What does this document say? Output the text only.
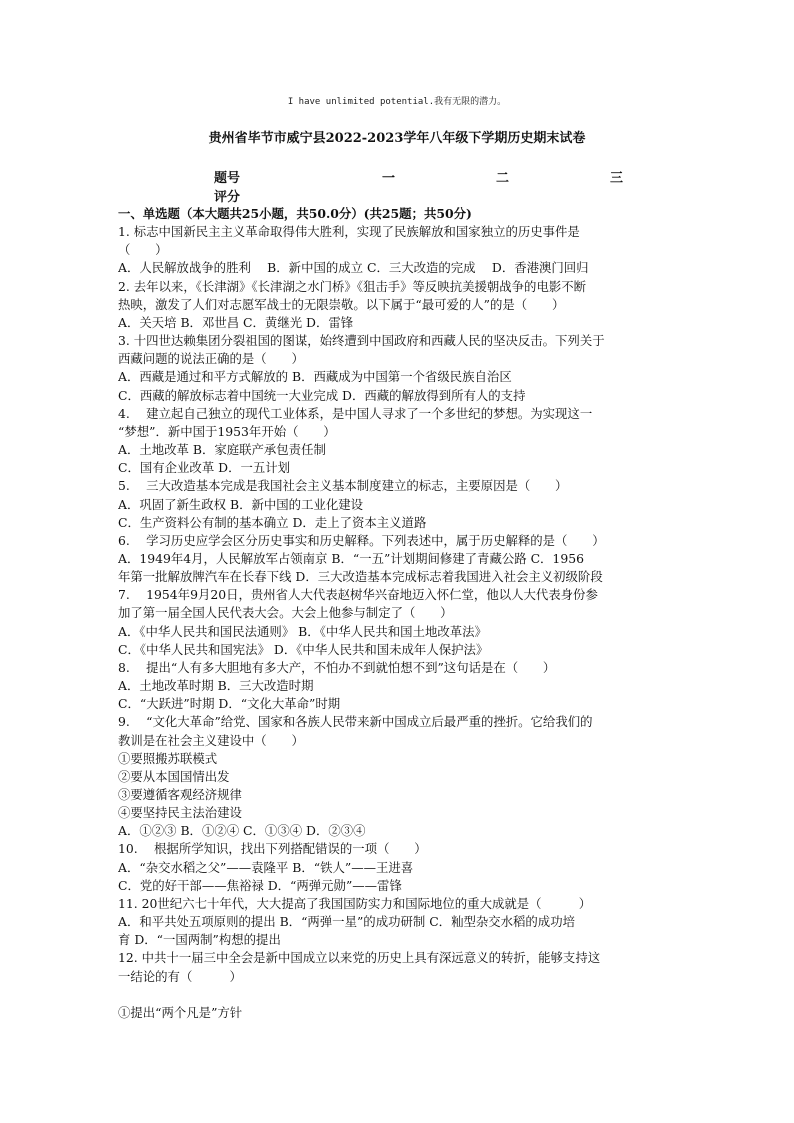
I have unlimited potential.我有无限的潜力。
贵州省毕节市威宁县2022-2023学年八年级下学期历史期末试卷
题号	一	二	三
评分

一、单选题（本大题共25小题，共50.0分）(共25题；共50分)

1. 标志中国新民主主义革命取得伟大胜利，实现了民族解放和国家独立的历史事件是

（　　）

A．人民解放战争的胜利　 B．新中国的成立 C．三大改造的完成　 D．香港澳门回归

2. 去年以来，《长津湖》《长津湖之水门桥》《狙击手》等反映抗美援朝战争的电影不断

热映，激发了人们对志愿军战士的无限崇敬。以下属于“最可爱的人”的是（　　）

A．关天培 B．邓世昌 C．黄继光 D．雷锋

3. 十四世达赖集团分裂祖国的图谋，始终遭到中国政府和西藏人民的坚决反击。下列关于

西藏问题的说法正确的是（　　）

A．西藏是通过和平方式解放的 B．西藏成为中国第一个省级民族自治区

C．西藏的解放标志着中国统一大业完成 D．西藏的解放得到所有人的支持

4.　 建立起自己独立的现代工业体系，是中国人寻求了一个多世纪的梦想。为实现这一

“梦想”．新中国于1953年开始（　　）

A．土地改革 B．家庭联产承包责任制

C．国有企业改革 D．一五计划

5.　 三大改造基本完成是我国社会主义基本制度建立的标志，主要原因是（　　）

A．巩固了新生政权 B．新中国的工业化建设

C．生产资料公有制的基本确立 D．走上了资本主义道路

6.　 学习历史应学会区分历史事实和历史解释。下列表述中，属于历史解释的是（　　）

A．1949年4月，人民解放军占领南京 B．“一五”计划期间修建了青藏公路 C．1956

年第一批解放牌汽车在长春下线 D．三大改造基本完成标志着我国进入社会主义初级阶段

7.　 1954年9月20日，贵州省人大代表赵树华兴奋地迈入怀仁堂，他以人大代表身份参

加了第一届全国人民代表大会。大会上他参与制定了（　　）

A．《中华人民共和国民法通则》 B．《中华人民共和国土地改革法》

C．《中华人民共和国宪法》 D．《中华人民共和国未成年人保护法》

8.　 提出“人有多大胆地有多大产，不怕办不到就怕想不到”这句话是在（　　）

A．土地改革时期 B．三大改造时期

C．“大跃进”时期 D．“文化大革命”时期

9.　 “文化大革命”给党、国家和各族人民带来新中国成立后最严重的挫折。它给我们的

教训是在社会主义建设中（　　）

①要照搬苏联模式

②要从本国国情出发

③要遵循客观经济规律

④要坚持民主法治建设

A．①②③ B．①②④ C．①③④ D．②③④

10.　 根据所学知识，找出下列搭配错误的一项（　　）

A．“杂交水稻之父”——袁隆平 B．“铁人”——王进喜

C．党的好干部——焦裕禄 D．“两弹元勋”——雷锋

11. 20世纪六七十年代，大大提高了我国国防实力和国际地位的重大成就是（　　　）

A．和平共处五项原则的提出 B．“两弹一星”的成功研制 C．籼型杂交水稻的成功培

育 D．“一国两制”构想的提出

12. 中共十一届三中全会是新中国成立以来党的历史上具有深远意义的转折，能够支持这

一结论的有（　　　）

①提出“两个凡是”方针
